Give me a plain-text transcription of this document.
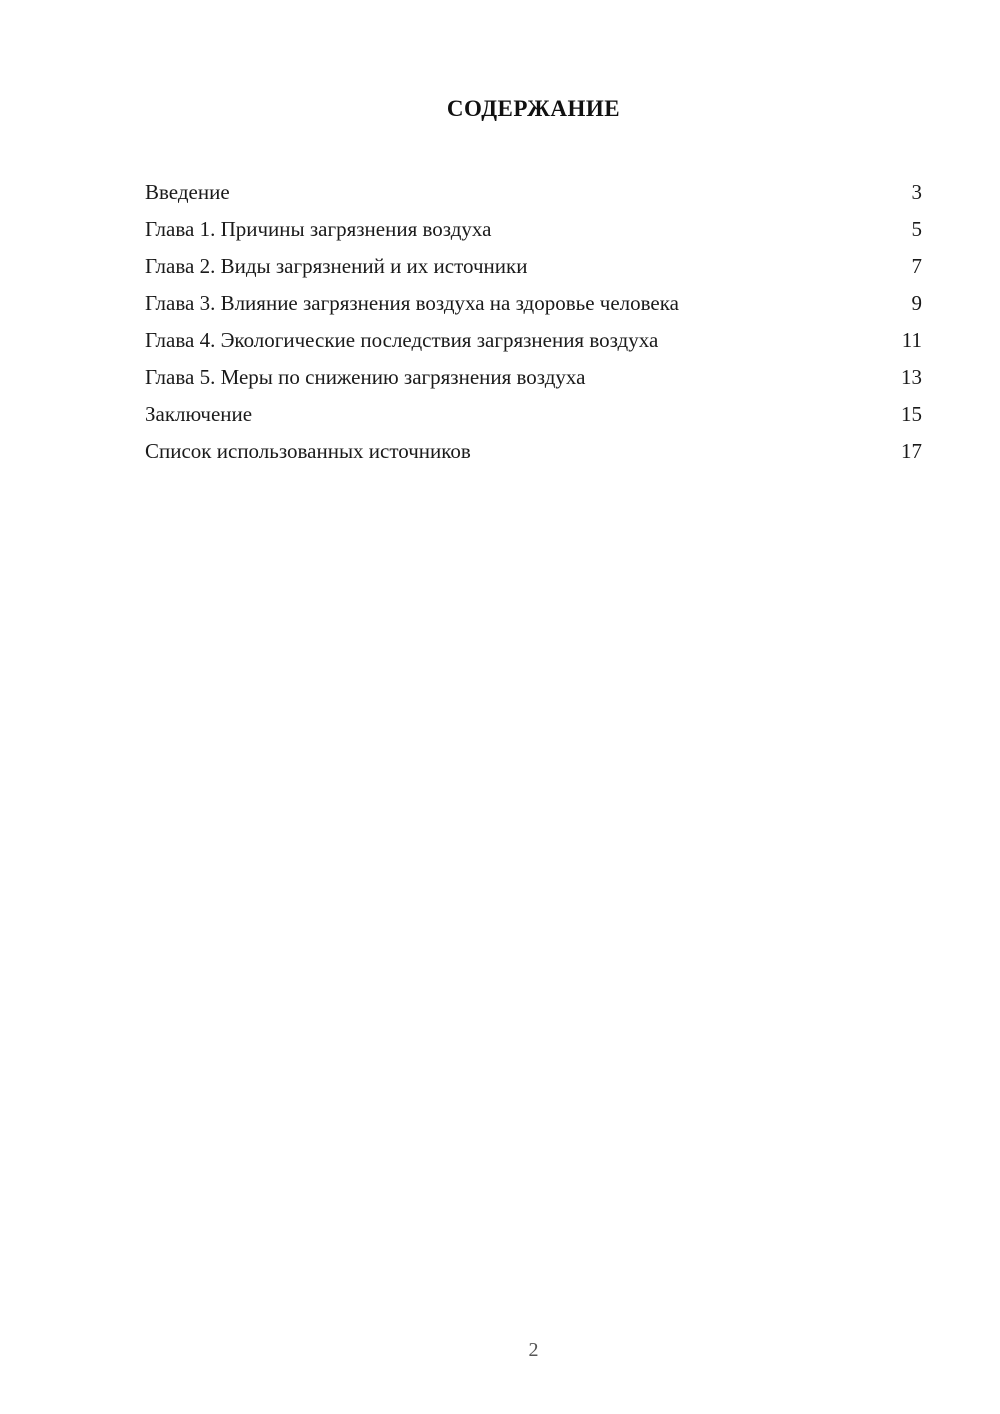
СОДЕРЖАНИЕ
Введение	3
Глава 1. Причины загрязнения воздуха	5
Глава 2. Виды загрязнений и их источники	7
Глава 3. Влияние загрязнения воздуха на здоровье человека	9
Глава 4. Экологические последствия загрязнения воздуха	11
Глава 5. Меры по снижению загрязнения воздуха	13
Заключение	15
Список использованных источников	17
2
